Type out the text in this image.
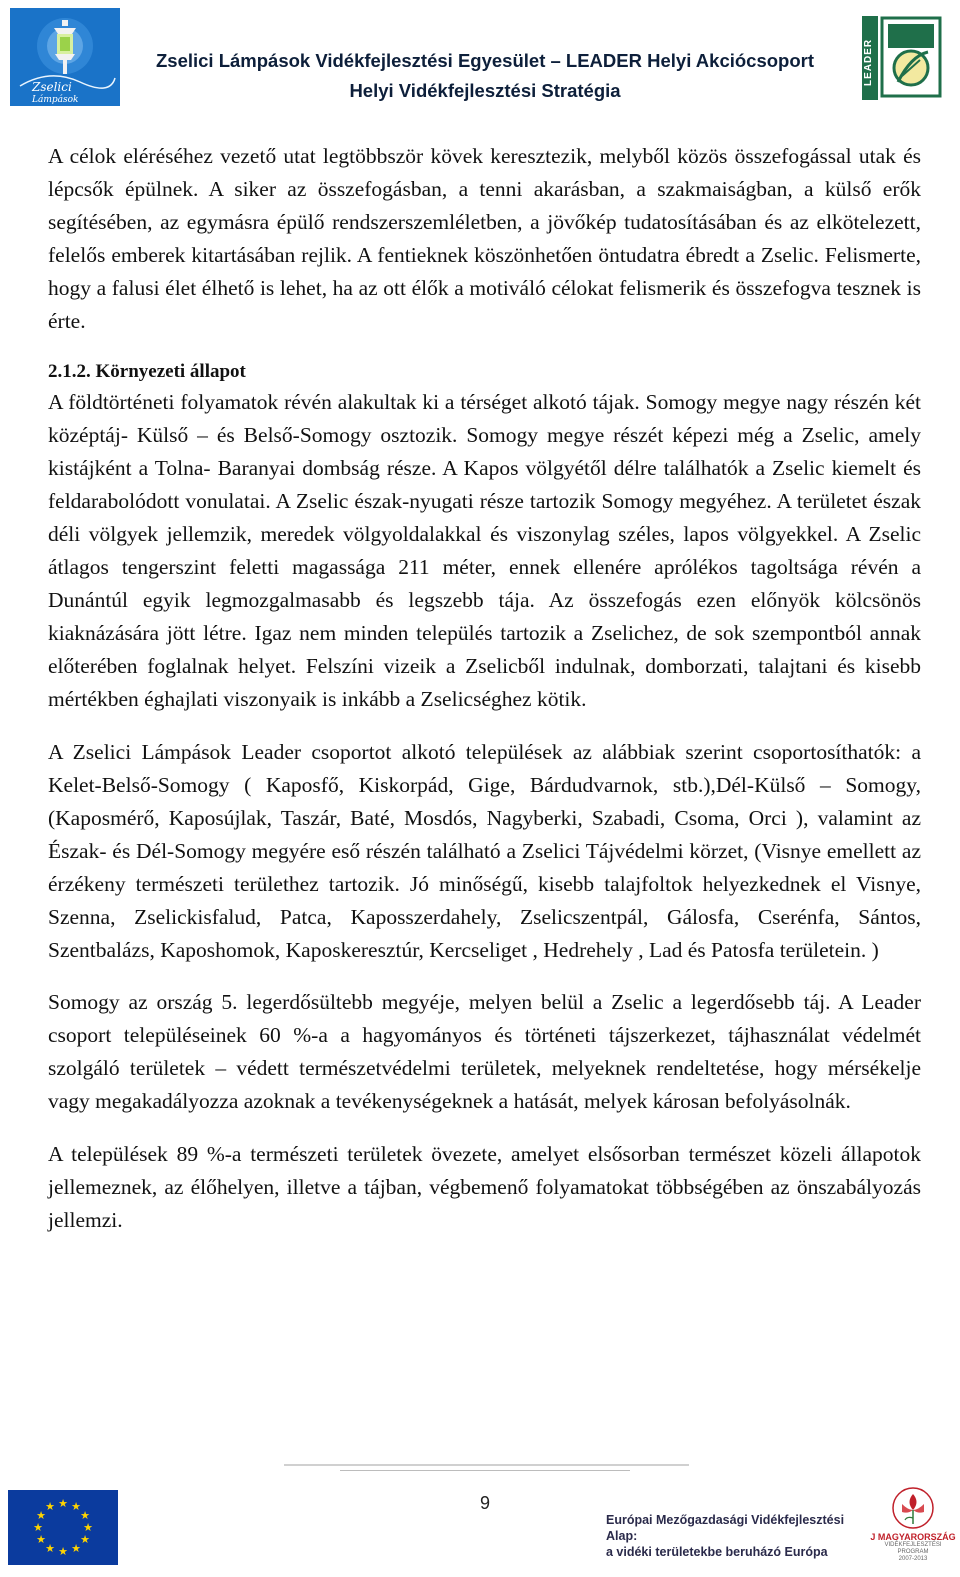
Zselici
Lámpások
Zselici Lámpások Vidékfejlesztési Egyesület – LEADER Helyi Akciócsoport
Helyi Vidékfejlesztési Stratégia
LEADER

A célok eléréséhez vezető utat legtöbbször kövek keresztezik, melyből közös összefogással utak és lépcsők épülnek. A siker az összefogásban, a tenni akarásban, a szakmaiságban, a külső erők segítésében, az egymásra épülő rendszerszemléletben, a jövőkép tudatosításában és az elkötelezett, felelős emberek kitartásában rejlik. A fentieknek köszönhetően öntudatra ébredt a Zselic. Felismerte, hogy a falusi élet élhető is lehet, ha az ott élők a motiváló célokat felismerik és összefogva tesznek is érte.

2.1.2. Környezeti állapot

A földtörténeti folyamatok révén alakultak ki a térséget alkotó tájak. Somogy megye nagy részén két középtáj- Külső – és Belső-Somogy osztozik. Somogy megye részét képezi még a Zselic, amely kistájként a Tolna- Baranyai dombság része. A Kapos völgyétől délre találhatók a Zselic kiemelt és feldarabolódott vonulatai. A Zselic észak-nyugati része tartozik Somogy megyéhez. A területet észak déli völgyek jellemzik, meredek völgyoldalakkal és viszonylag széles, lapos völgyekkel. A Zselic átlagos tengerszint feletti magassága 211 méter, ennek ellenére aprólékos tagoltsága révén a Dunántúl egyik legmozgalmasabb és legszebb tája. Az összefogás ezen előnyök kölcsönös kiaknázására jött létre. Igaz nem minden település tartozik a Zselichez, de sok szempontból annak előterében foglalnak helyet. Felszíni vizeik a Zselicből indulnak, domborzati, talajtani és kisebb mértékben éghajlati viszonyaik is inkább a Zselicséghez kötik.

A Zselici Lámpások Leader csoportot alkotó települések az alábbiak szerint csoportosíthatók: a Kelet-Belső-Somogy ( Kaposfő, Kiskorpád, Gige, Bárdudvarnok, stb.),Dél-Külső – Somogy, (Kaposmérő, Kaposújlak, Taszár, Baté, Mosdós, Nagyberki, Szabadi, Csoma, Orci ), valamint az Észak- és Dél-Somogy megyére eső részén található a Zselici Tájvédelmi körzet, (Visnye emellett az érzékeny természeti területhez tartozik. Jó minőségű, kisebb talajfoltok helyezkednek el Visnye, Szenna, Zselickisfalud, Patca, Kaposszerdahely, Zselicszentpál, Gálosfa, Cserénfa, Sántos, Szentbalázs, Kaposhomok, Kaposkeresztúr, Kercseliget , Hedrehely , Lad és Patosfa területein. )

Somogy az ország 5. legerdősültebb megyéje, melyen belül a Zselic a legerdősebb táj. A Leader csoport településeinek 60 %-a a hagyományos és történeti tájszerkezet, tájhasználat védelmét szolgáló területek – védett természetvédelmi területek, melyeknek rendeltetése, hogy mérsékelje vagy megakadályozza azoknak a tevékenységeknek a hatását, melyek károsan befolyásolnák.

A települések 89 %-a természeti területek övezete, amelyet elsősorban természet közeli állapotok jellemeznek, az élőhelyen, illetve a tájban, végbemenő folyamatokat többségében az önszabályozás jellemzi.

9
★ ★
★
★
★
★
★
★
★
★
★
★
Európai Mezőgazdasági Vidékfejlesztési Alap:
a vidéki területekbe beruházó Európa
J MAGYARORSZÁG
VIDÉKFEJLESZTÉSI PROGRAM
2007-2013
